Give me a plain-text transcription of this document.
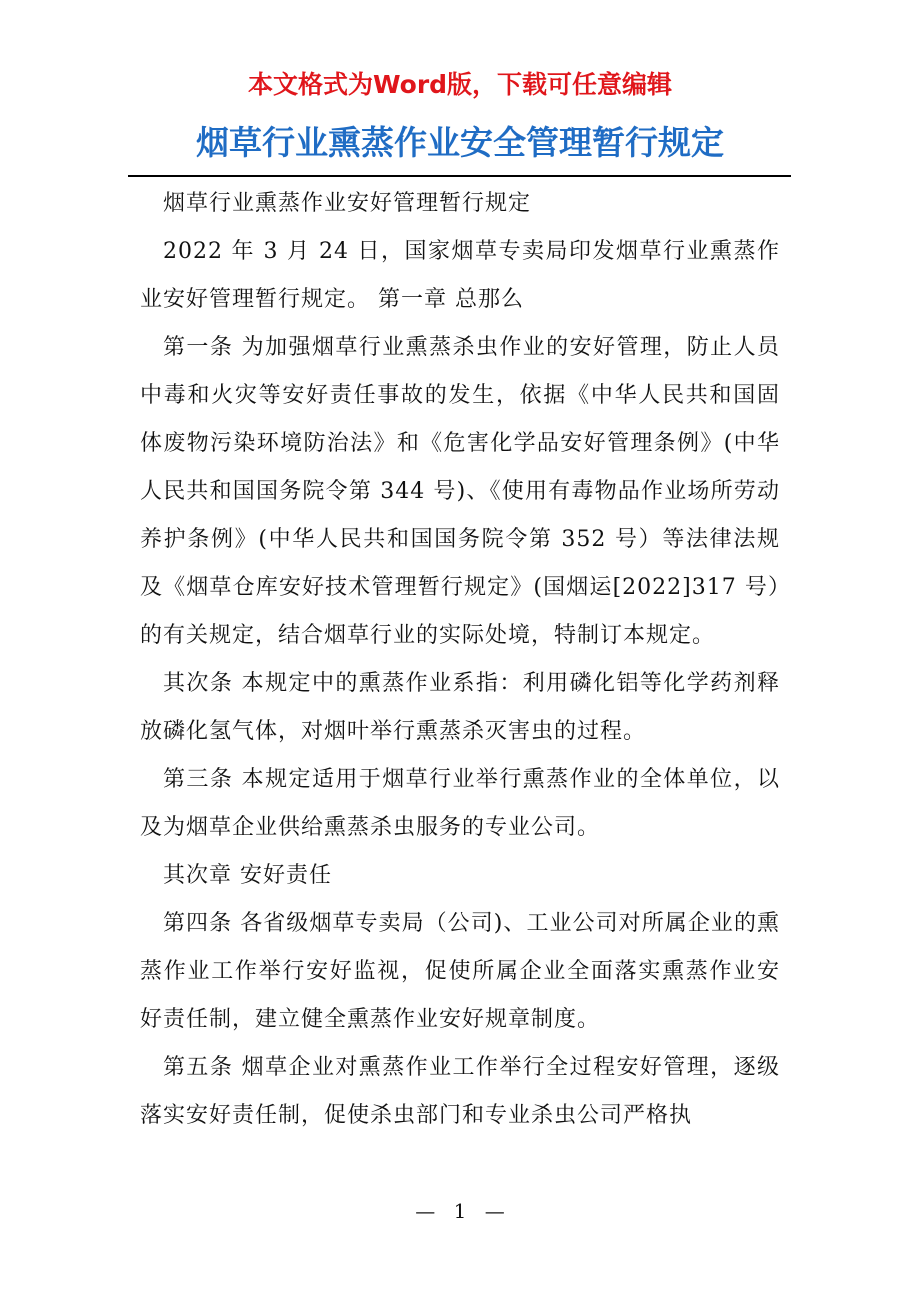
本文格式为Word版，下载可任意编辑
烟草行业熏蒸作业安全管理暂行规定

烟草行业熏蒸作业安好管理暂行规定

2022 年 3 月 24 日，国家烟草专卖局印发烟草行业熏蒸作业安好管理暂行规定。 第一章 总那么

第一条 为加强烟草行业熏蒸杀虫作业的安好管理，防止人员中毒和火灾等安好责任事故的发生，依据《中华人民共和国固体废物污染环境防治法》和《危害化学品安好管理条例》(中华人民共和国国务院令第 344 号)、《使用有毒物品作业场所劳动养护条例》(中华人民共和国国务院令第 352 号）等法律法规及《烟草仓库安好技术管理暂行规定》(国烟运[2022]317 号）的有关规定，结合烟草行业的实际处境，特制订本规定。

其次条 本规定中的熏蒸作业系指：利用磷化铝等化学药剂释放磷化氢气体，对烟叶举行熏蒸杀灭害虫的过程。

第三条 本规定适用于烟草行业举行熏蒸作业的全体单位，以及为烟草企业供给熏蒸杀虫服务的专业公司。

其次章 安好责任

第四条 各省级烟草专卖局（公司)、工业公司对所属企业的熏蒸作业工作举行安好监视，促使所属企业全面落实熏蒸作业安好责任制，建立健全熏蒸作业安好规章制度。

第五条 烟草企业对熏蒸作业工作举行全过程安好管理，逐级落实安好责任制，促使杀虫部门和专业杀虫公司严格执

— 1 —
